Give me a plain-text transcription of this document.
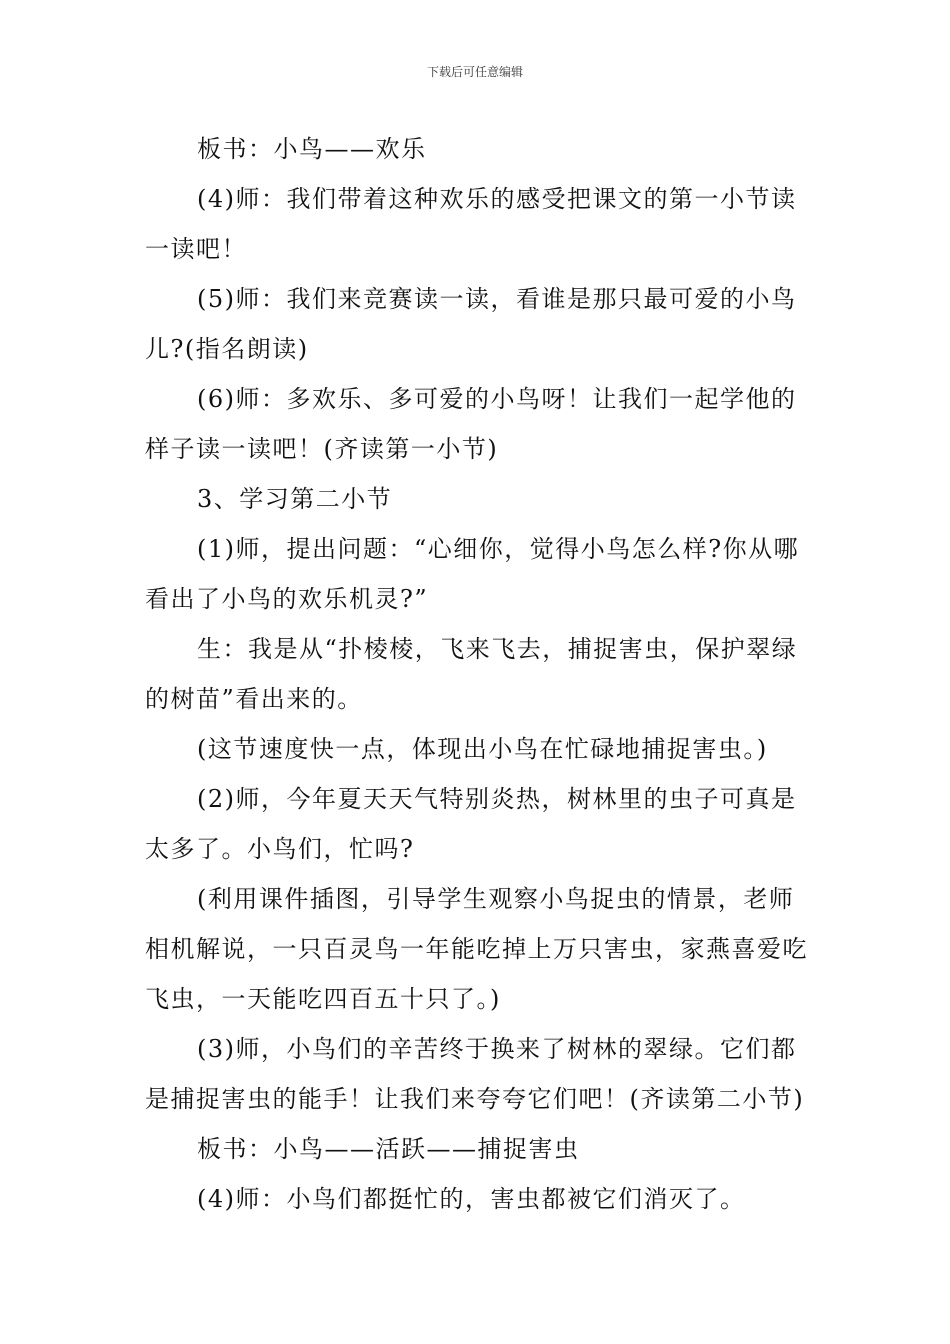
下载后可任意编辑

板书：小鸟——欢乐

(4)师：我们带着这种欢乐的感受把课文的第一小节读一读吧！

(5)师：我们来竞赛读一读，看谁是那只最可爱的小鸟儿?(指名朗读)

(6)师：多欢乐、多可爱的小鸟呀！让我们一起学他的样子读一读吧！(齐读第一小节)

3、学习第二小节

(1)师，提出问题：“心细你，觉得小鸟怎么样?你从哪看出了小鸟的欢乐机灵?”

生：我是从“扑棱棱，飞来飞去，捕捉害虫，保护翠绿的树苗”看出来的。

(这节速度快一点，体现出小鸟在忙碌地捕捉害虫。)

(2)师，今年夏天天气特别炎热，树林里的虫子可真是太多了。小鸟们，忙吗?

(利用课件插图，引导学生观察小鸟捉虫的情景，老师相机解说，一只百灵鸟一年能吃掉上万只害虫，家燕喜爱吃飞虫，一天能吃四百五十只了。)

(3)师，小鸟们的辛苦终于换来了树林的翠绿。它们都是捕捉害虫的能手！让我们来夸夸它们吧！(齐读第二小节)

板书：小鸟——活跃——捕捉害虫

(4)师：小鸟们都挺忙的，害虫都被它们消灭了。
